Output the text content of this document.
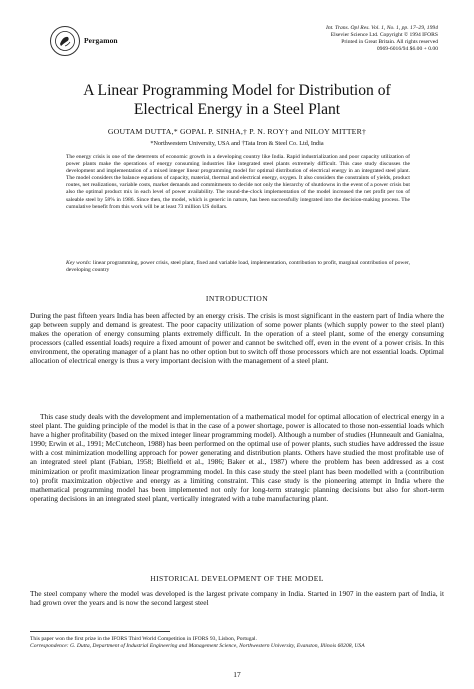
Pergamon
Int. Trans. Opl Res. Vol. 1, No. 1, pp. 17–29, 1994
Elsevier Science Ltd. Copyright © 1994 IFORS
Printed in Great Britain. All rights reserved
0969-6016/94 $6.00 + 0.00
A Linear Programming Model for Distribution of
Electrical Energy in a Steel Plant
GOUTAM DUTTA,* GOPAL P. SINHA,† P. N. ROY† and NILOY MITTER†
*Northwestern University, USA and †Tata Iron & Steel Co. Ltd, India
The energy crisis is one of the deterrents of economic growth in a developing country like India. Rapid industrialization and poor capacity utilization of power plants make the operations of energy consuming industries like integrated steel plants extremely difficult. This case study discusses the development and implementation of a mixed integer linear programming model for optimal distribution of electrical energy in an integrated steel plant. The model considers the balance equations of capacity, material, thermal and electrical energy, oxygen. It also considers the constraints of yields, product routes, net realizations, variable costs, market demands and commitments to decide not only the hierarchy of shutdowns in the event of a power crisis but also the optimal product mix in each level of power availability. The round-the-clock implementation of the model increased the net profit per ton of saleable steel by 58% in 1986. Since then, the model, which is generic in nature, has been successfully integrated into the decision-making process. The cumulative benefit from this work will be at least 73 million US dollars.
Key words: linear programming, power crisis, steel plant, fixed and variable load, implementation, contribution to profit, marginal contribution of power, developing country
INTRODUCTION
During the past fifteen years India has been affected by an energy crisis. The crisis is most significant in the eastern part of India where the gap between supply and demand is greatest. The poor capacity utilization of some power plants (which supply power to the steel plant) makes the operation of energy consuming plants extremely difficult. In the operation of a steel plant, some of the energy consuming processors (called essential loads) require a fixed amount of power and cannot be switched off, even in the event of a power crisis. In this environment, the operating manager of a plant has no other option but to switch off those processors which are not essential loads. Optimal allocation of electrical energy is thus a very important decision with the management of a steel plant.
This case study deals with the development and implementation of a mathematical model for optimal allocation of electrical energy in a steel plant. The guiding principle of the model is that in the case of a power shortage, power is allocated to those non-essential loads which have a higher profitability (based on the mixed integer linear programming model). Although a number of studies (Hunneault and Ganialna, 1990; Erwin et al., 1991; McCutcheon, 1988) has been performed on the optimal use of power plants, such studies have addressed the issue with a cost minimization modelling approach for power generating and distribution plants. Others have studied the most profitable use of an integrated steel plant (Fabian, 1958; Bielfield et al., 1986; Baker et al., 1987) where the problem has been addressed as a cost minimization or profit maximization linear programming model. In this case study the steel plant has been modelled with a (contribution to) profit maximization objective and energy as a limiting constraint. This case study is the pioneering attempt in India where the mathematical programming model has been implemented not only for long-term strategic planning decisions but also for short-term operating decisions in an integrated steel plant, vertically integrated with a tube manufacturing plant.
HISTORICAL DEVELOPMENT OF THE MODEL
The steel company where the model was developed is the largest private company in India. Started in 1907 in the eastern part of India, it had grown over the years and is now the second largest steel
This paper won the first prize in the IFORS Third World Competition in IFORS 93, Lisbon, Portugal.
Correspondence: G. Dutta, Department of Industrial Engineering and Management Science, Northwestern University, Evanston, Illinois 60208, USA
17
